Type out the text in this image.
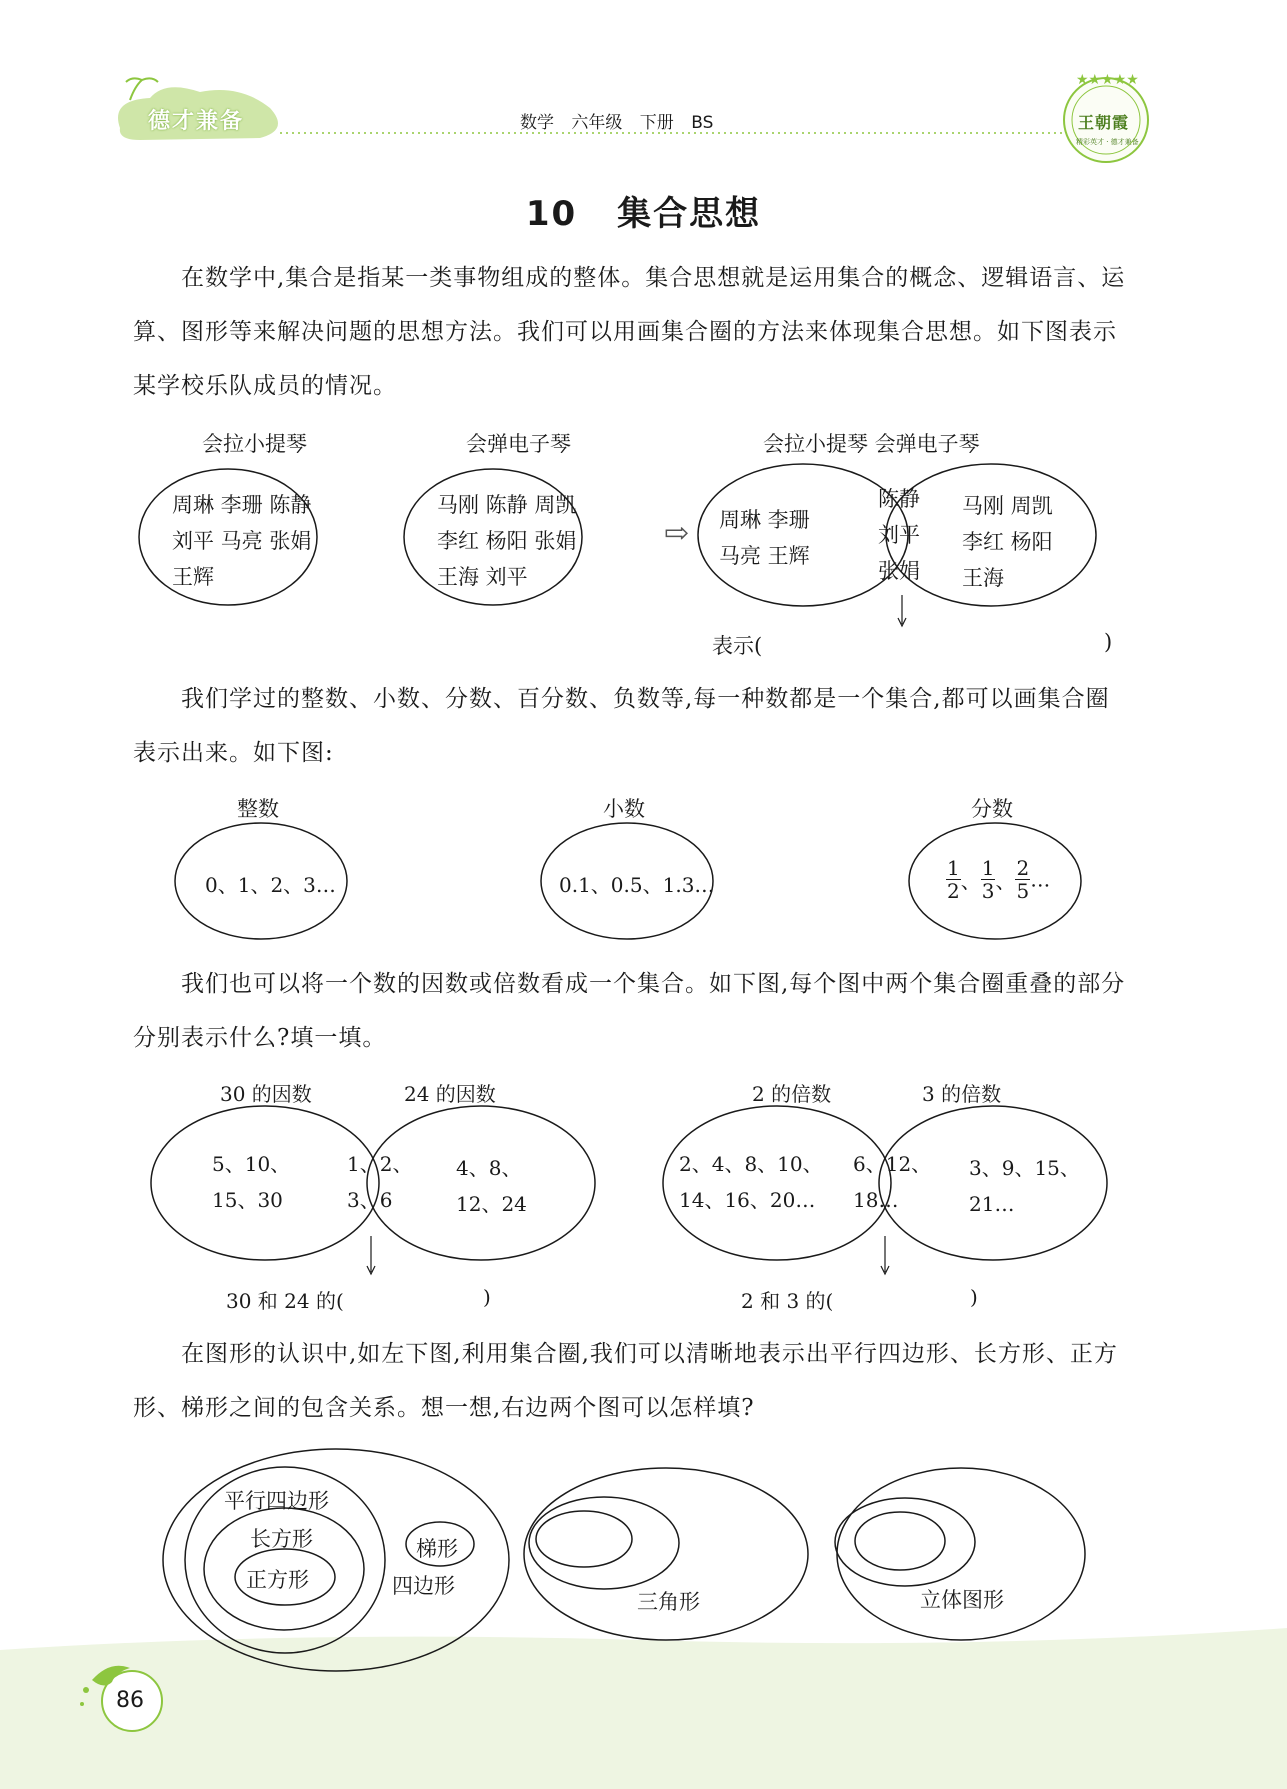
★★★★★
德才兼备	数学 六年级 下册 BS	王朝霞
精彩英才 · 德才兼备
10 集合思想
在数学中,集合是指某一类事物组成的整体。集合思想就是运用集合的概念、逻辑语言、运算、图形等来解决问题的思想方法。我们可以用画集合圈的方法来体现集合思想。如下图表示某学校乐队成员的情况。
会拉小提琴	会弹电子琴	会拉小提琴 会弹电子琴
周琳 李珊 陈静
刘平 马亮 张娟
王辉
马刚 陈静 周凯
李红 杨阳 张娟
王海 刘平
⇨ 周琳 李珊
马亮 王辉
陈静
刘平
张娟
马刚 周凯
李红 杨阳
王海
表示(	)
我们学过的整数、小数、分数、百分数、负数等,每一种数都是一个集合,都可以画集合圈表示出来。如下图:
整数	小数	分数
0、1、2、3…	0.1、0.5、1.3…	$\frac{1}{2}$ 、 $\frac{1}{3}$ 、 $\frac{2}{5}$ …
我们也可以将一个数的因数或倍数看成一个集合。如下图,每个图中两个集合圈重叠的部分分别表示什么?填一填。
30 的因数	24 的因数
5、10、
15、30
1、2、
3、6
4、8、
12、24
30 和 24 的(	)
2 的倍数	3 的倍数
2、4、8、10、
14、16、20…
6、12、
18…
3、9、15、
21…
2 和 3 的(	)
在图形的认识中,如左下图,利用集合圈,我们可以清晰地表示出平行四边形、长方形、正方形、梯形之间的包含关系。想一想,右边两个图可以怎样填?
平行四边形
长方形
正方形
梯形
四边形
三角形	立体图形
86
